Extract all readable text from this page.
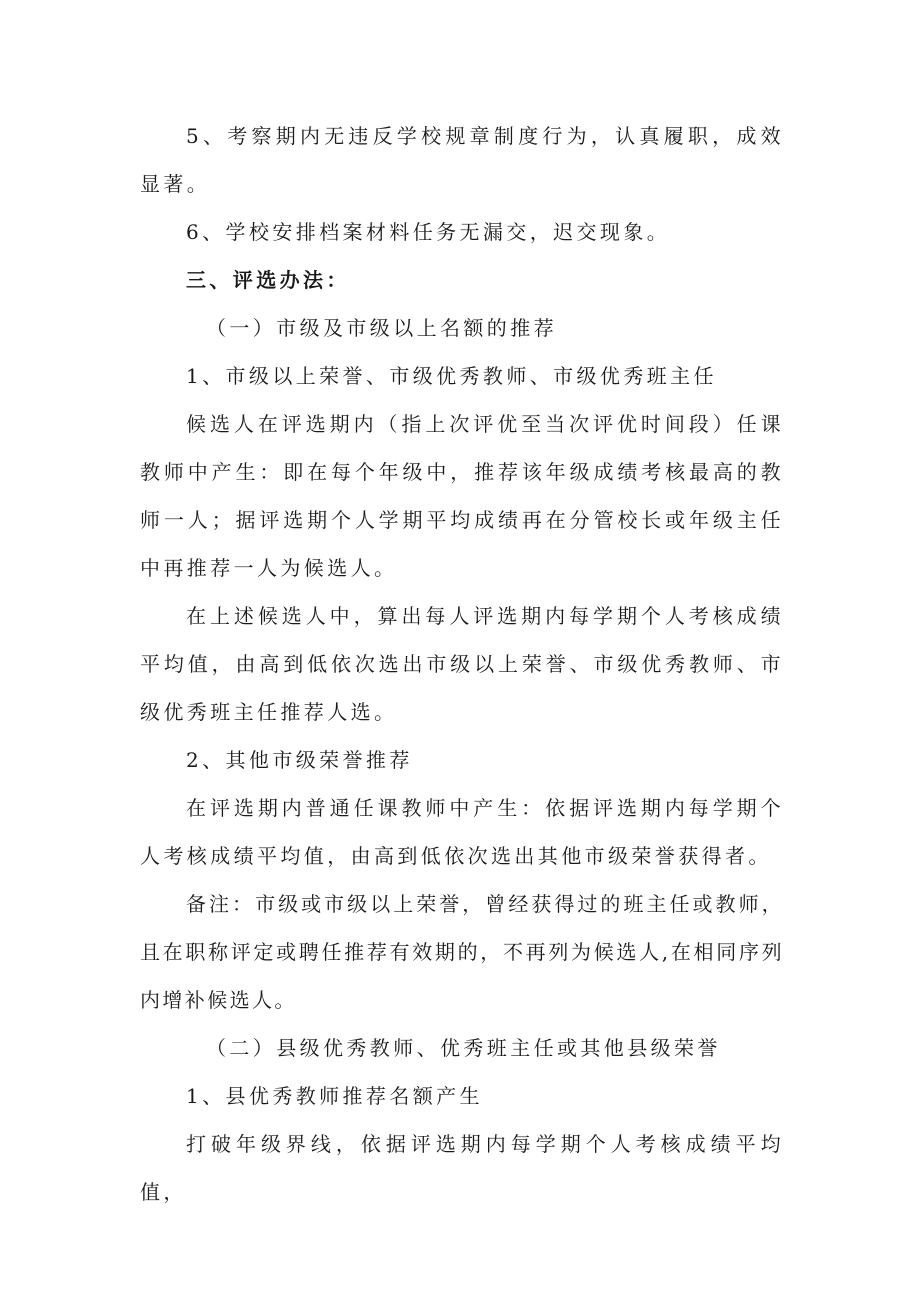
5、考察期内无违反学校规章制度行为，认真履职，成效显著。

6、学校安排档案材料任务无漏交，迟交现象。

三、评选办法：

（一）市级及市级以上名额的推荐

1、市级以上荣誉、市级优秀教师、市级优秀班主任

候选人在评选期内（指上次评优至当次评优时间段）任课教师中产生：即在每个年级中，推荐该年级成绩考核最高的教师一人；据评选期个人学期平均成绩再在分管校长或年级主任中再推荐一人为候选人。

在上述候选人中，算出每人评选期内每学期个人考核成绩平均值，由高到低依次选出市级以上荣誉、市级优秀教师、市级优秀班主任推荐人选。

2、其他市级荣誉推荐

在评选期内普通任课教师中产生：依据评选期内每学期个人考核成绩平均值，由高到低依次选出其他市级荣誉获得者。

备注：市级或市级以上荣誉，曾经获得过的班主任或教师，且在职称评定或聘任推荐有效期的，不再列为候选人,在相同序列内增补候选人。

（二）县级优秀教师、优秀班主任或其他县级荣誉

1、县优秀教师推荐名额产生

打破年级界线，依据评选期内每学期个人考核成绩平均值，
